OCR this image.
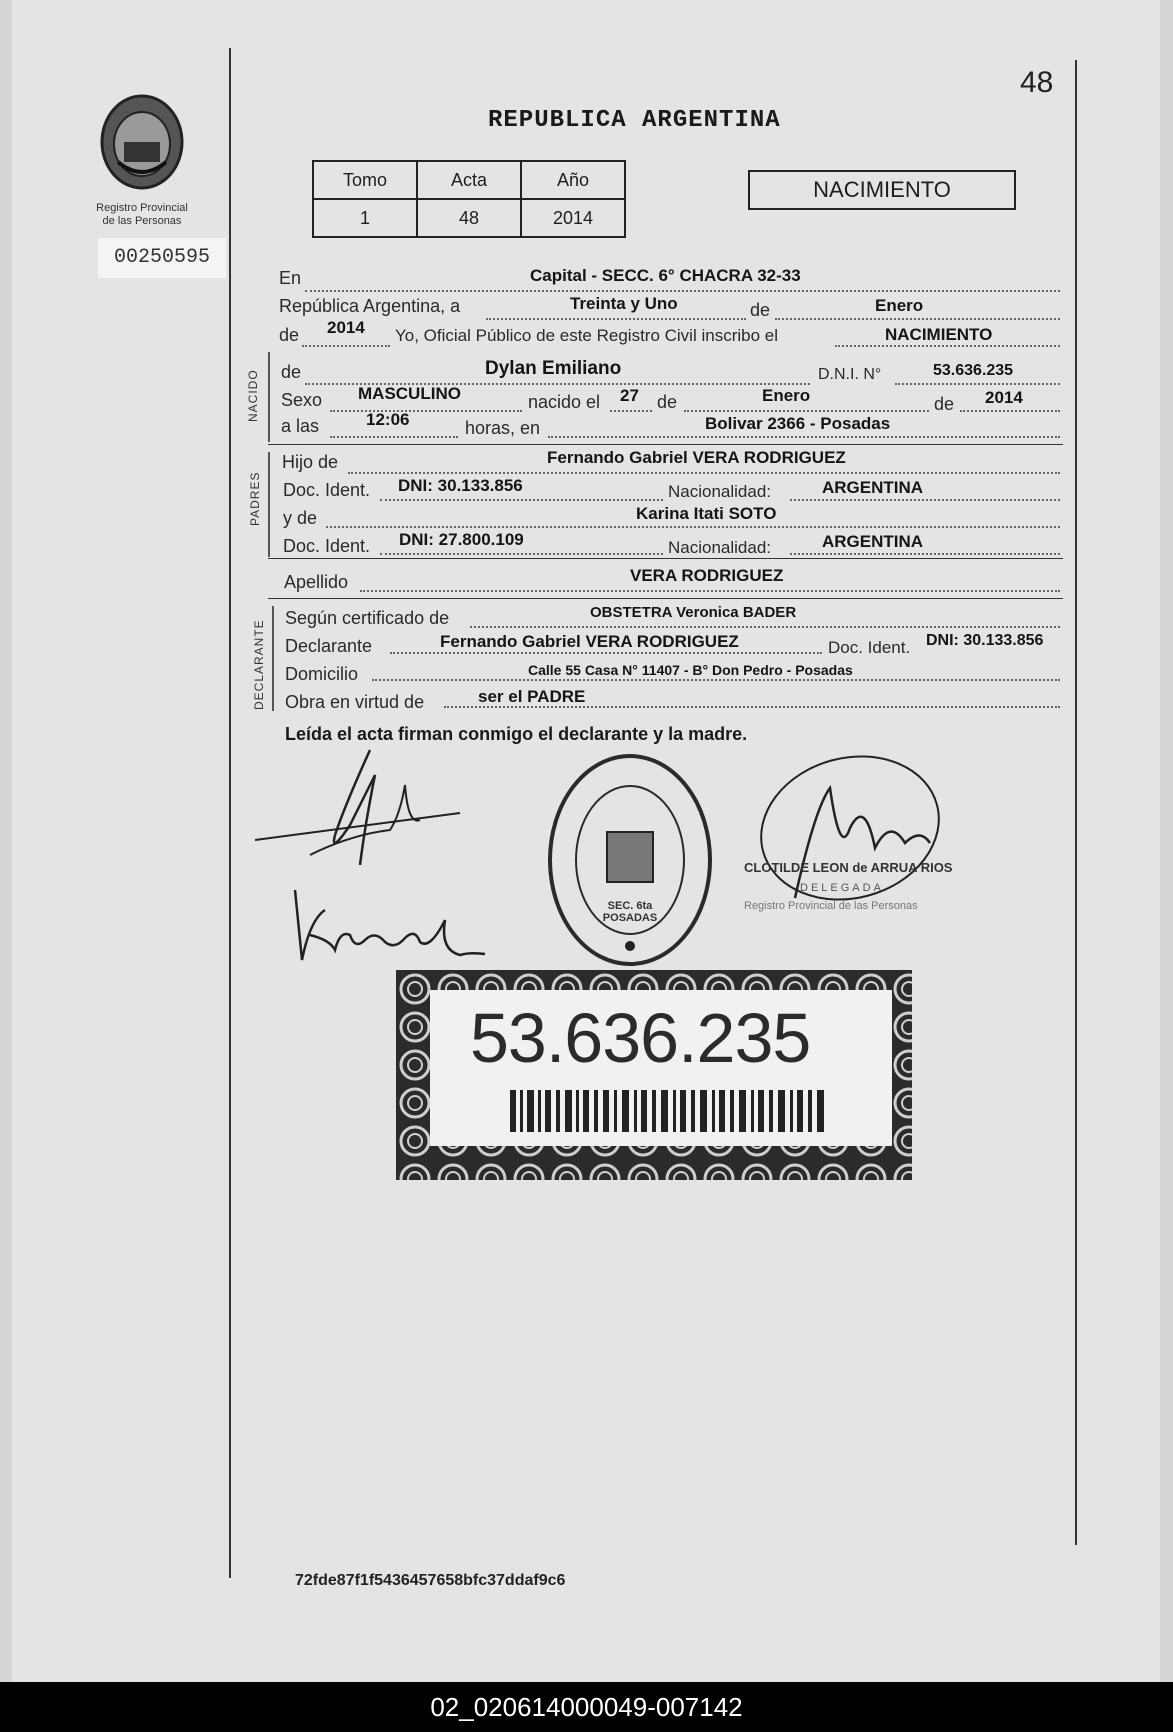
Registro Provincial
de las Personas
00250595
48
REPUBLICA ARGENTINA
Tomo	Acta	Año
1	48	2014
NACIMIENTO
En	Capital - SECC. 6° CHACRA 32-33
República Argentina, a	Treinta y Uno	de	Enero
de 2014 Yo, Oficial Público de este Registro Civil inscribo el	NACIMIENTO
NACIDO de	Dylan Emiliano	D.N.I. N°	53.636.235
Sexo MASCULINO	nacido el 27 de	Enero	de 2014
a las	12:06	horas, en	Bolivar 2366 - Posadas
PADRES
Hijo de	Fernando Gabriel VERA RODRIGUEZ
Doc. Ident. DNI: 30.133.856	Nacionalidad:	ARGENTINA
y de	Karina Itati SOTO
Doc. Ident. DNI: 27.800.109	Nacionalidad:	ARGENTINA
Apellido	VERA RODRIGUEZ
DECLARANTE
Según certificado de	OBSTETRA Veronica BADER
Declarante	Fernando Gabriel VERA RODRIGUEZ	Doc. Ident. DNI: 30.133.856
Domicilio	Calle 55 Casa N° 11407 - B° Don Pedro - Posadas
Obra en virtud de	ser el PADRE
Leída el acta firman conmigo el declarante y la madre.
SEC. 6ta POSADAS
CLOTILDE LEON de ARRUA RIOS
DELEGADA
Registro Provincial de las Personas
53.636.235
72fde87f1f5436457658bfc37ddaf9c6
02_020614000049-007142
